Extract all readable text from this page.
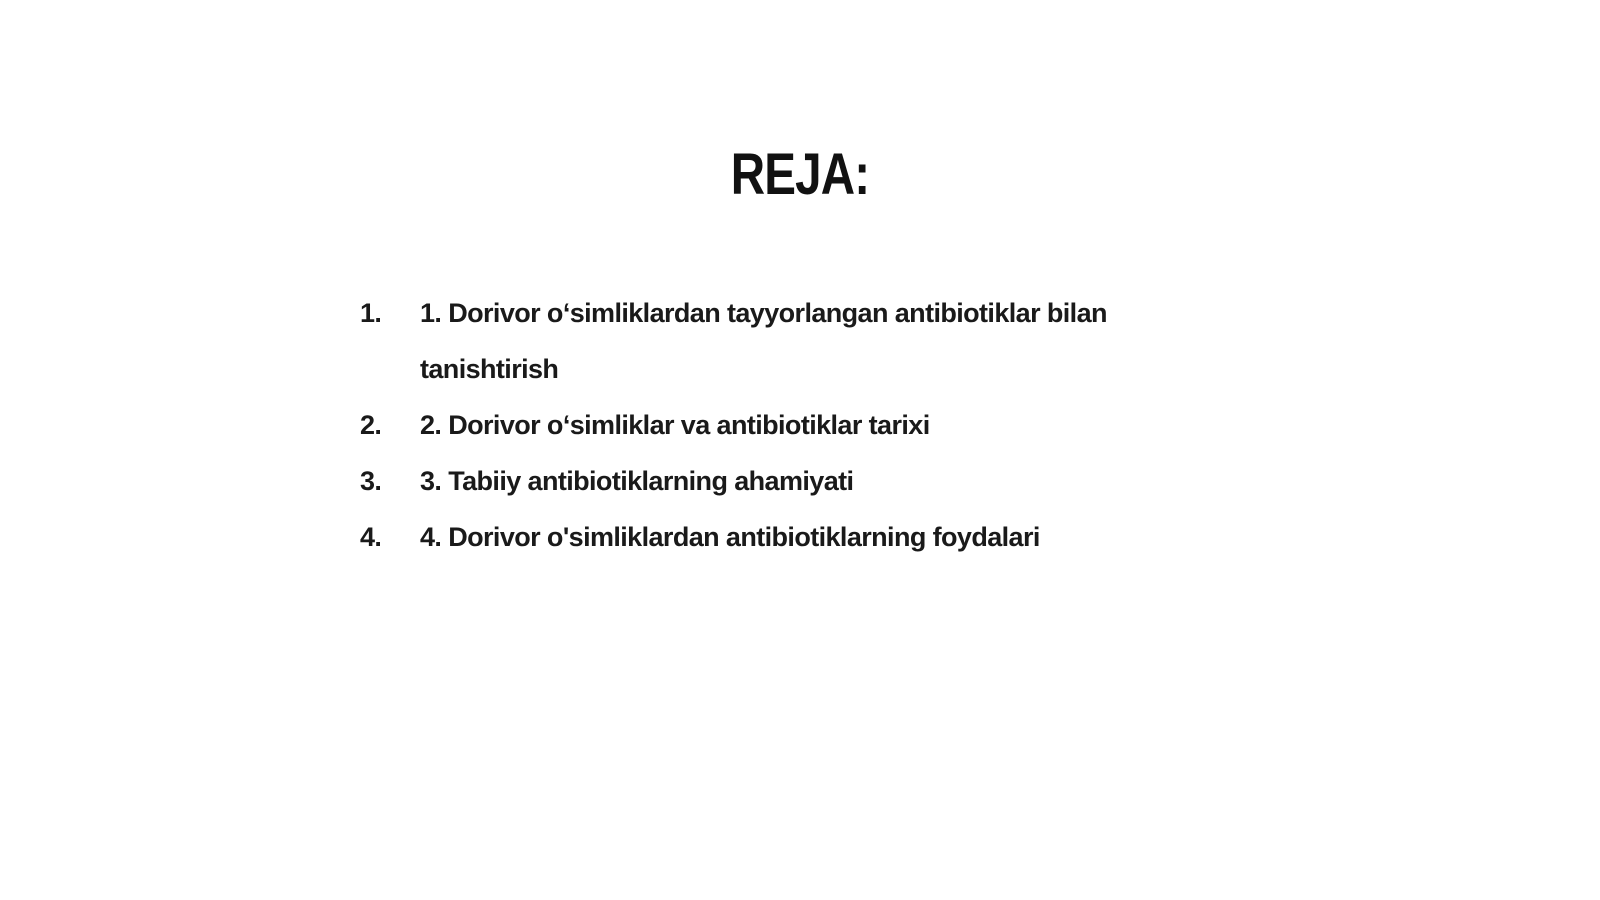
REJA:
1.	1. Dorivor o‘simliklardan tayyorlangan antibiotiklar bilan tanishtirish
2.	2. Dorivor o‘simliklar va antibiotiklar tarixi
3.	3. Tabiiy antibiotiklarning ahamiyati
4.	4. Dorivor o'simliklardan antibiotiklarning foydalari
